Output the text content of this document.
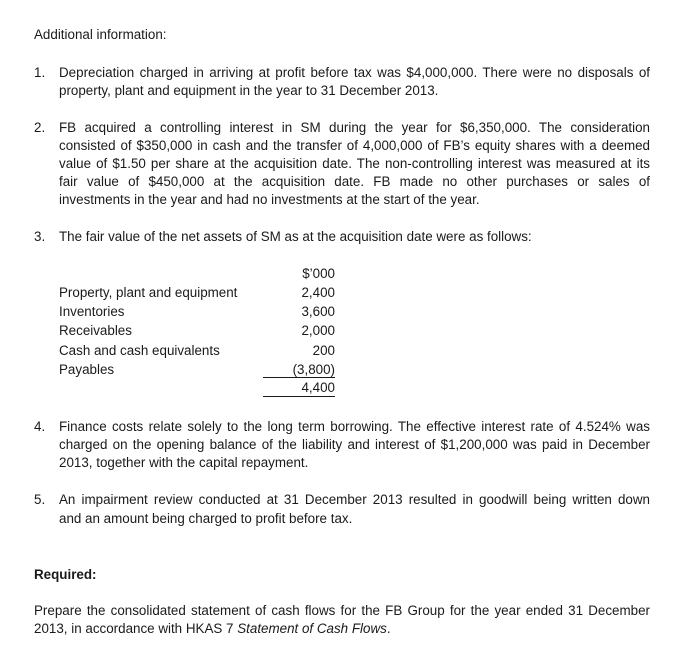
Additional information:
1. Depreciation charged in arriving at profit before tax was $4,000,000. There were no disposals of
property, plant and equipment in the year to 31 December 2013.
2. FB acquired a controlling interest in SM during the year for $6,350,000. The consideration
consisted of $350,000 in cash and the transfer of 4,000,000 of FB’s equity shares with a deemed
value of $1.50 per share at the acquisition date. The non-controlling interest was measured at its
fair value of $450,000 at the acquisition date. FB made no other purchases or sales of
investments in the year and had no investments at the start of the year.
3. The fair value of the net assets of SM as at the acquisition date were as follows:
$’000
Property, plant and equipment	2,400
Inventories	3,600
Receivables	2,000
Cash and cash equivalents	200
Payables	(3,800)
4,400
4. Finance costs relate solely to the long term borrowing. The effective interest rate of 4.524% was
charged on the opening balance of the liability and interest of $1,200,000 was paid in December
2013, together with the capital repayment.
5. An impairment review conducted at 31 December 2013 resulted in goodwill being written down
and an amount being charged to profit before tax.
Required:
Prepare the consolidated statement of cash flows for the FB Group for the year ended 31 December
2013, in accordance with HKAS 7 Statement of Cash Flows.
